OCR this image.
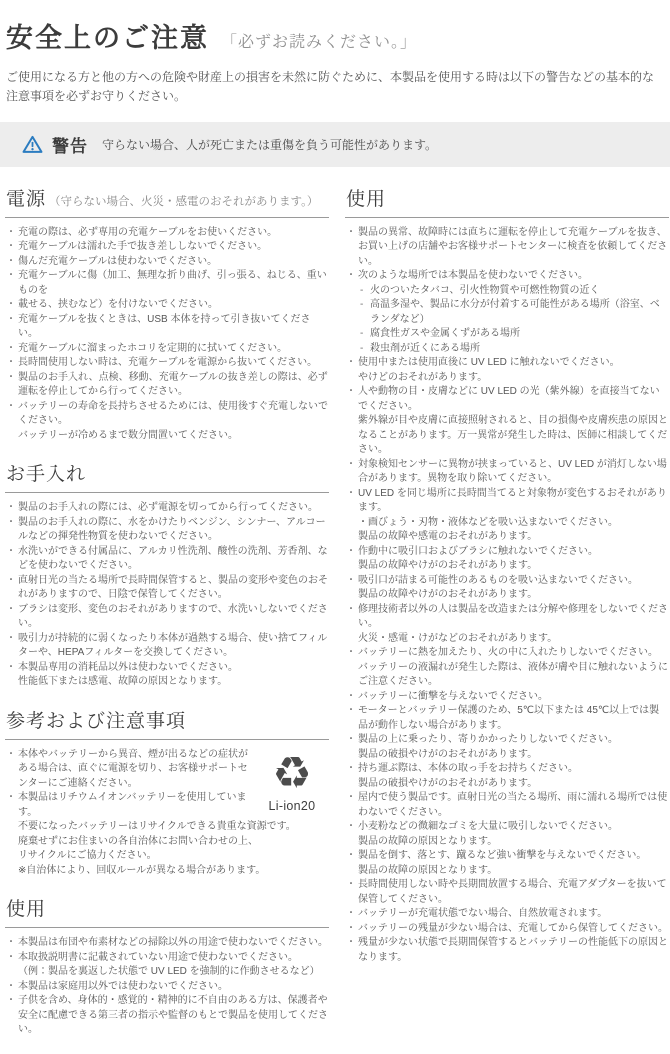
安全上のご注意 「必ずお読みください。」
ご使用になる方と他の方への危険や財産上の損害を未然に防ぐために、本製品を使用する時は以下の警告などの基本的な注意事項を必ずお守りください。
警告 守らない場合、人が死亡または重傷を負う可能性があります。
電源 （守らない場合、火災・感電のおそれがあります。）
・ 充電の際は、必ず専用の充電ケーブルをお使いください。
・ 充電ケーブルは濡れた手で抜き差ししないでください。
・ 傷んだ充電ケーブルは使わないでください。
・ 充電ケーブルに傷（加工、無理な折り曲げ、引っ張る、ねじる、重いものを
・ 載せる、挟むなど）を付けないでください。
・ 充電ケーブルを抜くときは、USB 本体を持って引き抜いてください。
・ 充電ケーブルに溜まったホコリを定期的に拭いてください。
・ 長時間使用しない時は、充電ケーブルを電源から抜いてください。
・ 製品のお手入れ、点検、移動、充電ケーブルの抜き差しの際は、必ず運転を停止してから行ってください。
・ バッテリーの寿命を長持ちさせるためには、使用後すぐ充電しないでください。
バッテリーが冷めるまで数分間置いてください。
お手入れ
・ 製品のお手入れの際には、必ず電源を切ってから行ってください。
・ 製品のお手入れの際に、水をかけたりベンジン、シンナー、アルコールなどの揮発性物質を使わないでください。
・ 水洗いができる付属品に、アルカリ性洗剤、酸性の洗剤、芳香剤、などを使わないでください。
・ 直射日光の当たる場所で長時間保管すると、製品の変形や変色のおそれがありますので、日陰で保管してください。
・ ブラシは変形、変色のおそれがありますので、水洗いしないでください。
・ 吸引力が持続的に弱くなったり本体が過熱する場合、使い捨てフィルターや、HEPAフィルターを交換してください。
・ 本製品専用の消耗品以外は使わないでください。
性能低下または感電、故障の原因となります。
参考および注意事項
♻
Li-ion20
・ 本体やバッテリーから異音、煙が出るなどの症状がある場合は、直ぐに電源を切り、お客様サポートセンターにご連絡ください。
・ 本製品はリチウムイオンバッテリーを使用しています。
不要になったバッテリーはリサイクルできる貴重な資源です。
廃棄せずにお住まいの各自治体にお問い合わせの上、
リサイクルにご協力ください。
※自治体により、回収ルールが異なる場合があります。
使用
・ 本製品は布団や布素材などの掃除以外の用途で使わないでください。
・ 本取扱説明書に記載されていない用途で使わないでください。
（例：製品を裏返した状態で UV LED を強制的に作動させるなど）
・ 本製品は家庭用以外では使わないでください。
・ 子供を含め、身体的・感覚的・精神的に不自由のある方は、保護者や安全に配慮できる第三者の指示や監督のもとで製品を使用してください。
使用
・ 製品の異常、故障時には直ちに運転を停止して充電ケーブルを抜き、お買い上げの店舗やお客様サポートセンターに検査を依頼してください。
・ 次のような場所では本製品を使わないでください。
- 火のついたタバコ、引火性物質や可燃性物質の近く
- 高温多湿や、製品に水分が付着する可能性がある場所（浴室、ベランダなど）
- 腐食性ガスや金属くずがある場所
- 殺虫剤が近くにある場所
・ 使用中または使用直後に UV LED に触れないでください。
やけどのおそれがあります。
・ 人や動物の目・皮膚などに UV LED の光（紫外線）を直接当てないでください。
紫外線が目や皮膚に直接照射されると、目の損傷や皮膚疾患の原因となることがあります。万一異常が発生した時は、医師に相談してください。
・ 対象検知センサーに異物が挟まっていると、UV LED が消灯しない場合があります。異物を取り除いてください。
・ UV LED を同じ場所に長時間当てると対象物が変色するおそれがあります。
・画びょう・刃物・液体などを吸い込まないでください。
製品の故障や感電のおそれがあります。
・ 作動中に吸引口およびブラシに触れないでください。
製品の故障やけがのおそれがあります。
・ 吸引口が詰まる可能性のあるものを吸い込まないでください。
製品の故障やけがのおそれがあります。
・ 修理技術者以外の人は製品を改造または分解や修理をしないでください。
火災・感電・けがなどのおそれがあります。
・ バッテリーに熱を加えたり、火の中に入れたりしないでください。
バッテリーの液漏れが発生した際は、液体が膚や目に触れないようにご注意ください。
・ バッテリーに衝撃を与えないでください。
・ モーターとバッテリー保護のため、5℃以下または 45℃以上では製品が動作しない場合があります。
・ 製品の上に乗ったり、寄りかかったりしないでください。
製品の破損やけがのおそれがあります。
・ 持ち運ぶ際は、本体の取っ手をお持ちください。
製品の破損やけがのおそれがあります。
・ 屋内で使う製品です。直射日光の当たる場所、雨に濡れる場所では使わないでください。
・ 小麦粉などの微細なゴミを大量に吸引しないでください。
製品の故障の原因となります。
・ 製品を倒す、落とす、蹴るなど強い衝撃を与えないでください。
製品の故障の原因となります。
・ 長時間使用しない時や長期間放置する場合、充電アダプターを抜いて保管してください。
・ バッテリーが充電状態でない場合、自然放電されます。
・ バッテリーの残量が少ない場合は、充電してから保管してください。
・ 残量が少ない状態で長期間保管するとバッテリーの性能低下の原因となります。
